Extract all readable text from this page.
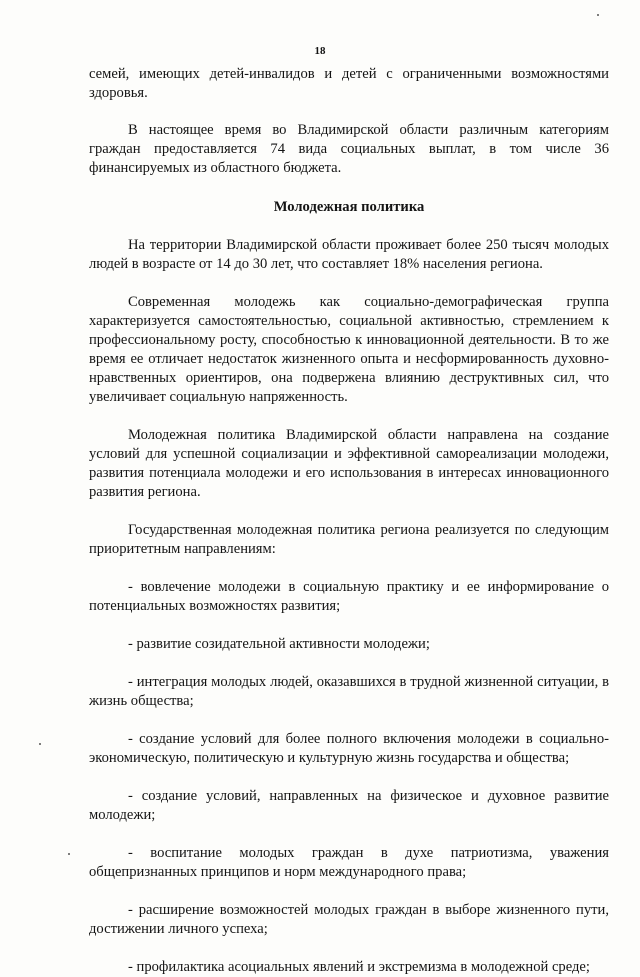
18

семей, имеющих детей-инвалидов и детей с ограниченными возможностями здоровья.

В настоящее время во Владимирской области различным категориям граждан предоставляется 74 вида социальных выплат, в том числе 36 финансируемых из областного бюджета.

Молодежная политика

На территории Владимирской области проживает более 250 тысяч молодых людей в возрасте от 14 до 30 лет, что составляет 18% населения региона.

Современная молодежь как социально-демографическая группа характеризуется самостоятельностью, социальной активностью, стремлением к профессиональному росту, способностью к инновационной деятельности. В то же время ее отличает недостаток жизненного опыта и несформированность духовно-нравственных ориентиров, она подвержена влиянию деструктивных сил, что увеличивает социальную напряженность.

Молодежная политика Владимирской области направлена на создание условий для успешной социализации и эффективной самореализации молодежи, развития потенциала молодежи и его использования в интересах инновационного развития региона.

Государственная молодежная политика региона реализуется по следующим приоритетным направлениям:

- вовлечение молодежи в социальную практику и ее информирование о потенциальных возможностях развития;

- развитие созидательной активности молодежи;

- интеграция молодых людей, оказавшихся в трудной жизненной ситуации, в жизнь общества;

- создание условий для более полного включения молодежи в социально-экономическую, политическую и культурную жизнь государства и общества;

- создание условий, направленных на физическое и духовное развитие молодежи;

- воспитание молодых граждан в духе патриотизма, уважения общепризнанных принципов и норм международного права;

- расширение возможностей молодых граждан в выборе жизненного пути, достижении личного успеха;

- профилактика асоциальных явлений и экстремизма в молодежной среде;
